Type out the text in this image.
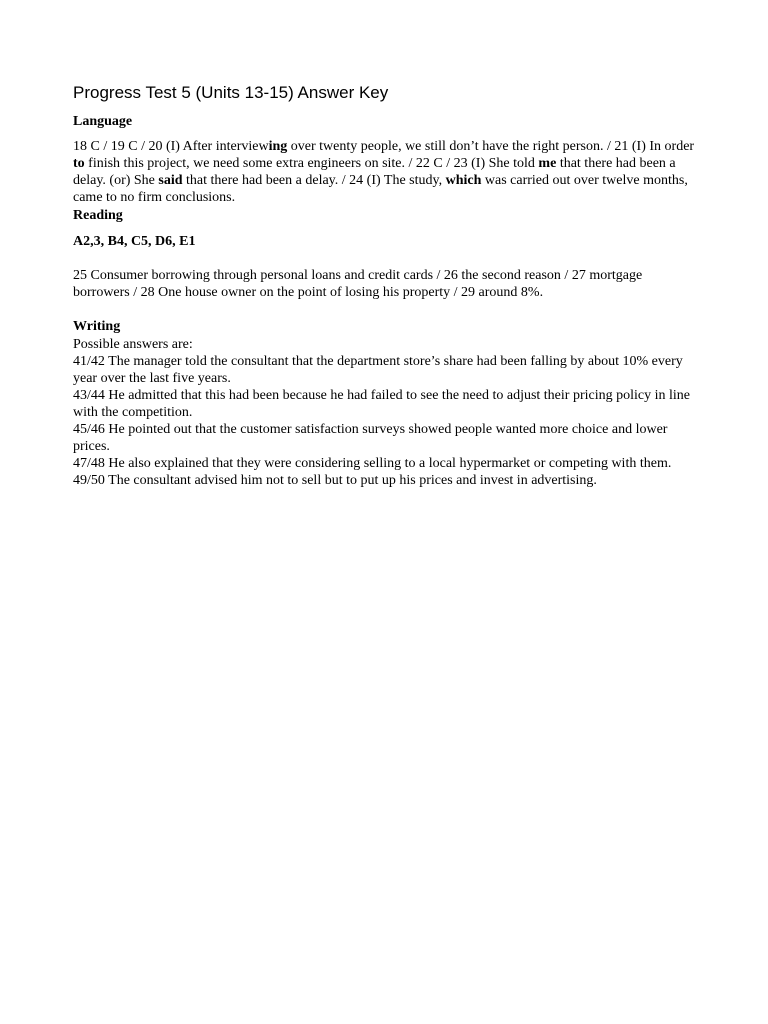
Progress Test 5 (Units 13-15) Answer Key
Language

18 C / 19 C / 20 (I) After interviewing over twenty people, we still don’t have the right person. / 21 (I) In order to finish this project, we need some extra engineers on site. / 22 C / 23 (I) She told me that there had been a delay. (or) She said that there had been a delay. / 24 (I) The study, which was carried out over twelve months, came to no firm conclusions.

Reading
A2,3, B4, C5, D6, E1

25 Consumer borrowing through personal loans and credit cards / 26 the second reason / 27 mortgage borrowers / 28 One house owner on the point of losing his property / 29 around 8%.

Writing

Possible answers are:

41/42 The manager told the consultant that the department store’s share had been falling by about 10% every year over the last five years.

43/44 He admitted that this had been because he had failed to see the need to adjust their pricing policy in line with the competition.

45/46 He pointed out that the customer satisfaction surveys showed people wanted more choice and lower prices.

47/48 He also explained that they were considering selling to a local hypermarket or competing with them.

49/50 The consultant advised him not to sell but to put up his prices and invest in advertising.
